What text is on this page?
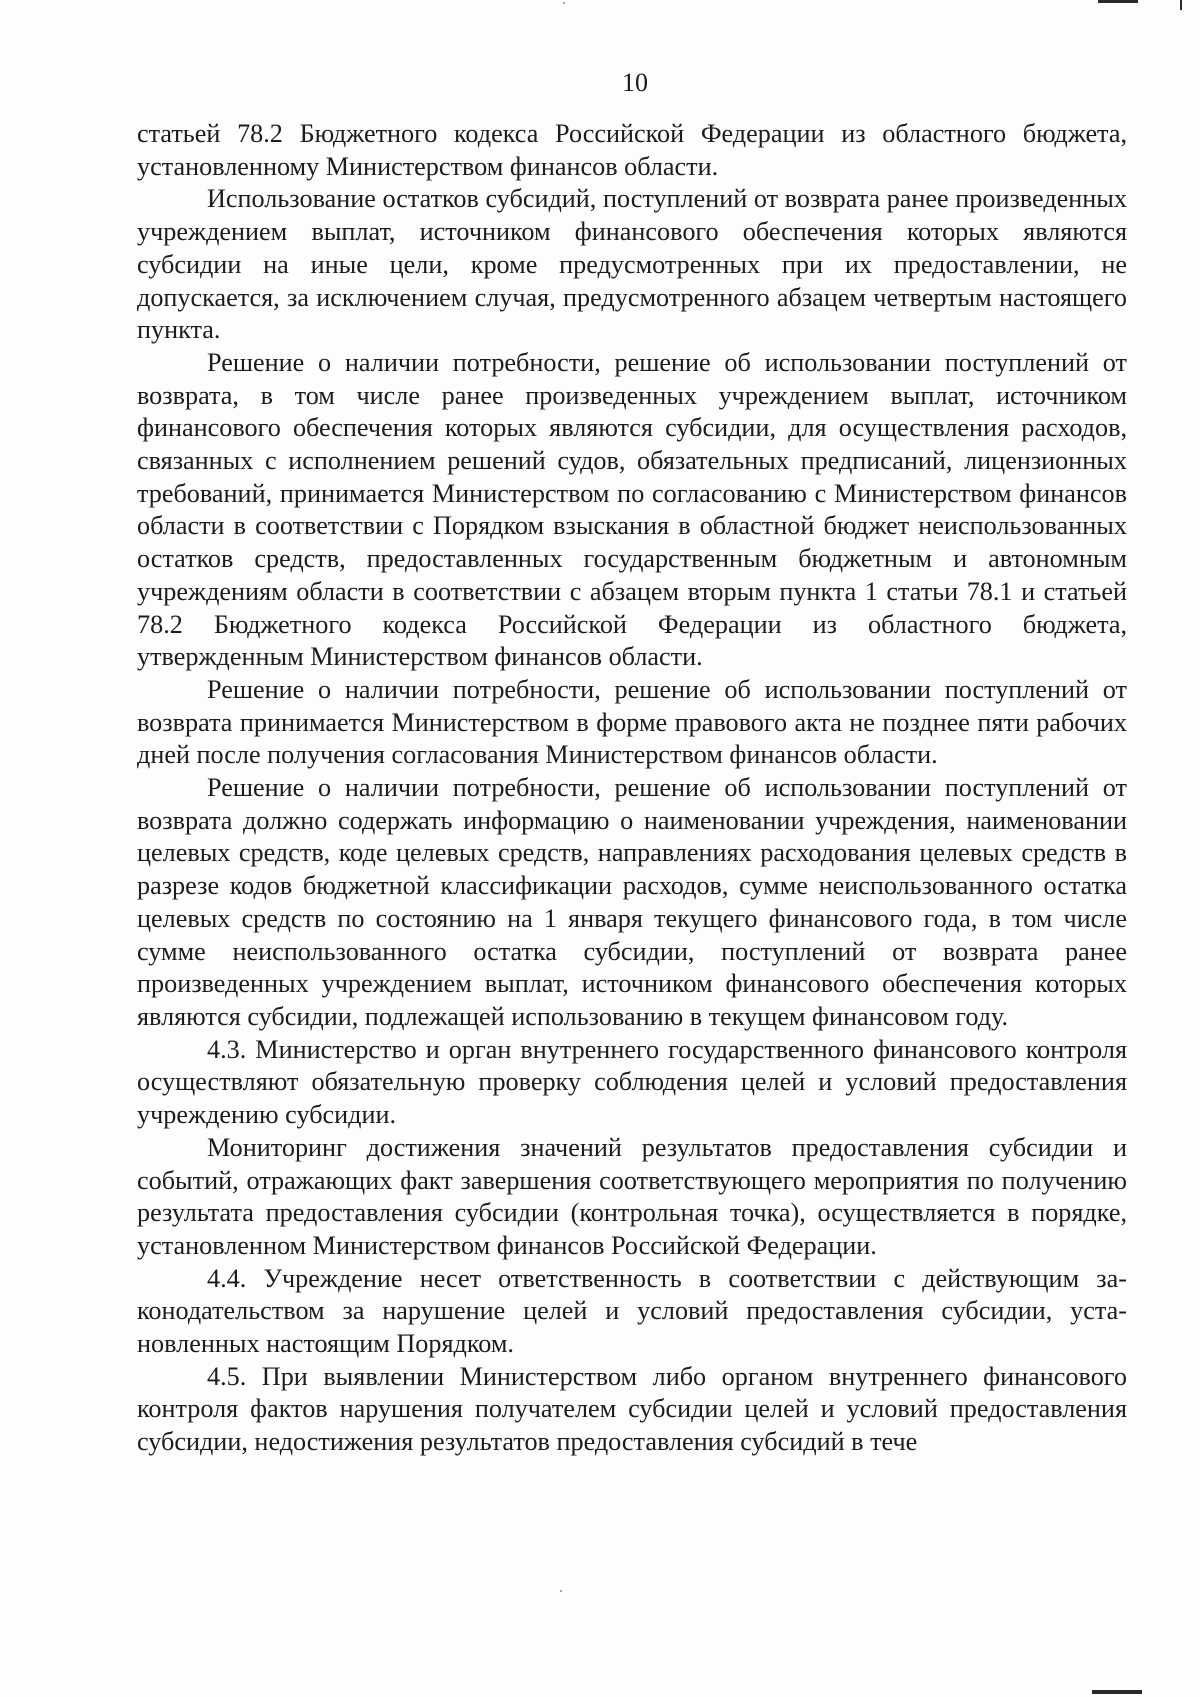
10

статьей 78.2 Бюджетного кодекса Российской Федерации из областного бюджета, установленному Министерством финансов области.

Использование остатков субсидий, поступлений от возврата ранее произведенных учреждением выплат, источником финансового обеспечения которых являются субсидии на иные цели, кроме предусмотренных при их предоставлении, не допускается, за исключением случая, предусмотренного абзацем четвертым настоящего пункта.

Решение о наличии потребности, решение об использовании поступлений от возврата, в том числе ранее произведенных учреждением выплат, источником финансового обеспечения которых являются субсидии, для осуществления расходов, связанных с исполнением решений судов, обязательных предписаний, лицензионных требований, принимается Министерством по согласованию с Министерством финансов области в соответствии с Порядком взыскания в областной бюджет неиспользованных остатков средств, предоставленных государственным бюджетным и автономным учреждениям области в соответствии с абзацем вторым пункта 1 статьи 78.1 и статьей 78.2 Бюджетного кодекса Российской Федерации из областного бюджета, утвержденным Министерством финансов области.

Решение о наличии потребности, решение об использовании поступлений от возврата принимается Министерством в форме правового акта не позднее пяти рабочих дней после получения согласования Министерством финансов области.

Решение о наличии потребности, решение об использовании поступлений от возврата должно содержать информацию о наименовании учреждения, наименовании целевых средств, коде целевых средств, направлениях расходования целевых средств в разрезе кодов бюджетной классификации расходов, сумме неиспользованного остатка целевых средств по состоянию на 1 января текущего финансового года, в том числе сумме неиспользованного остатка субсидии, поступлений от возврата ранее произведенных учреждением выплат, источником финансового обеспечения которых являются субсидии, подлежащей использованию в текущем финансовом году.

4.3. Министерство и орган внутреннего государственного финансового контроля осуществляют обязательную проверку соблюдения целей и условий предоставления учреждению субсидии.

Мониторинг достижения значений результатов предоставления субсидии и событий, отражающих факт завершения соответствующего мероприятия по получению результата предоставления субсидии (контрольная точка), осуществляется в порядке, установленном Министерством финансов Российской Федерации.

4.4. Учреждение несет ответственность в соответствии с действующим законодательством за нарушение целей и условий предоставления субсидии, установленных настоящим Порядком.

4.5. При выявлении Министерством либо органом внутреннего финансового контроля фактов нарушения получателем субсидии целей и условий предоставления субсидии, недостижения результатов предоставления субсидий в тече
